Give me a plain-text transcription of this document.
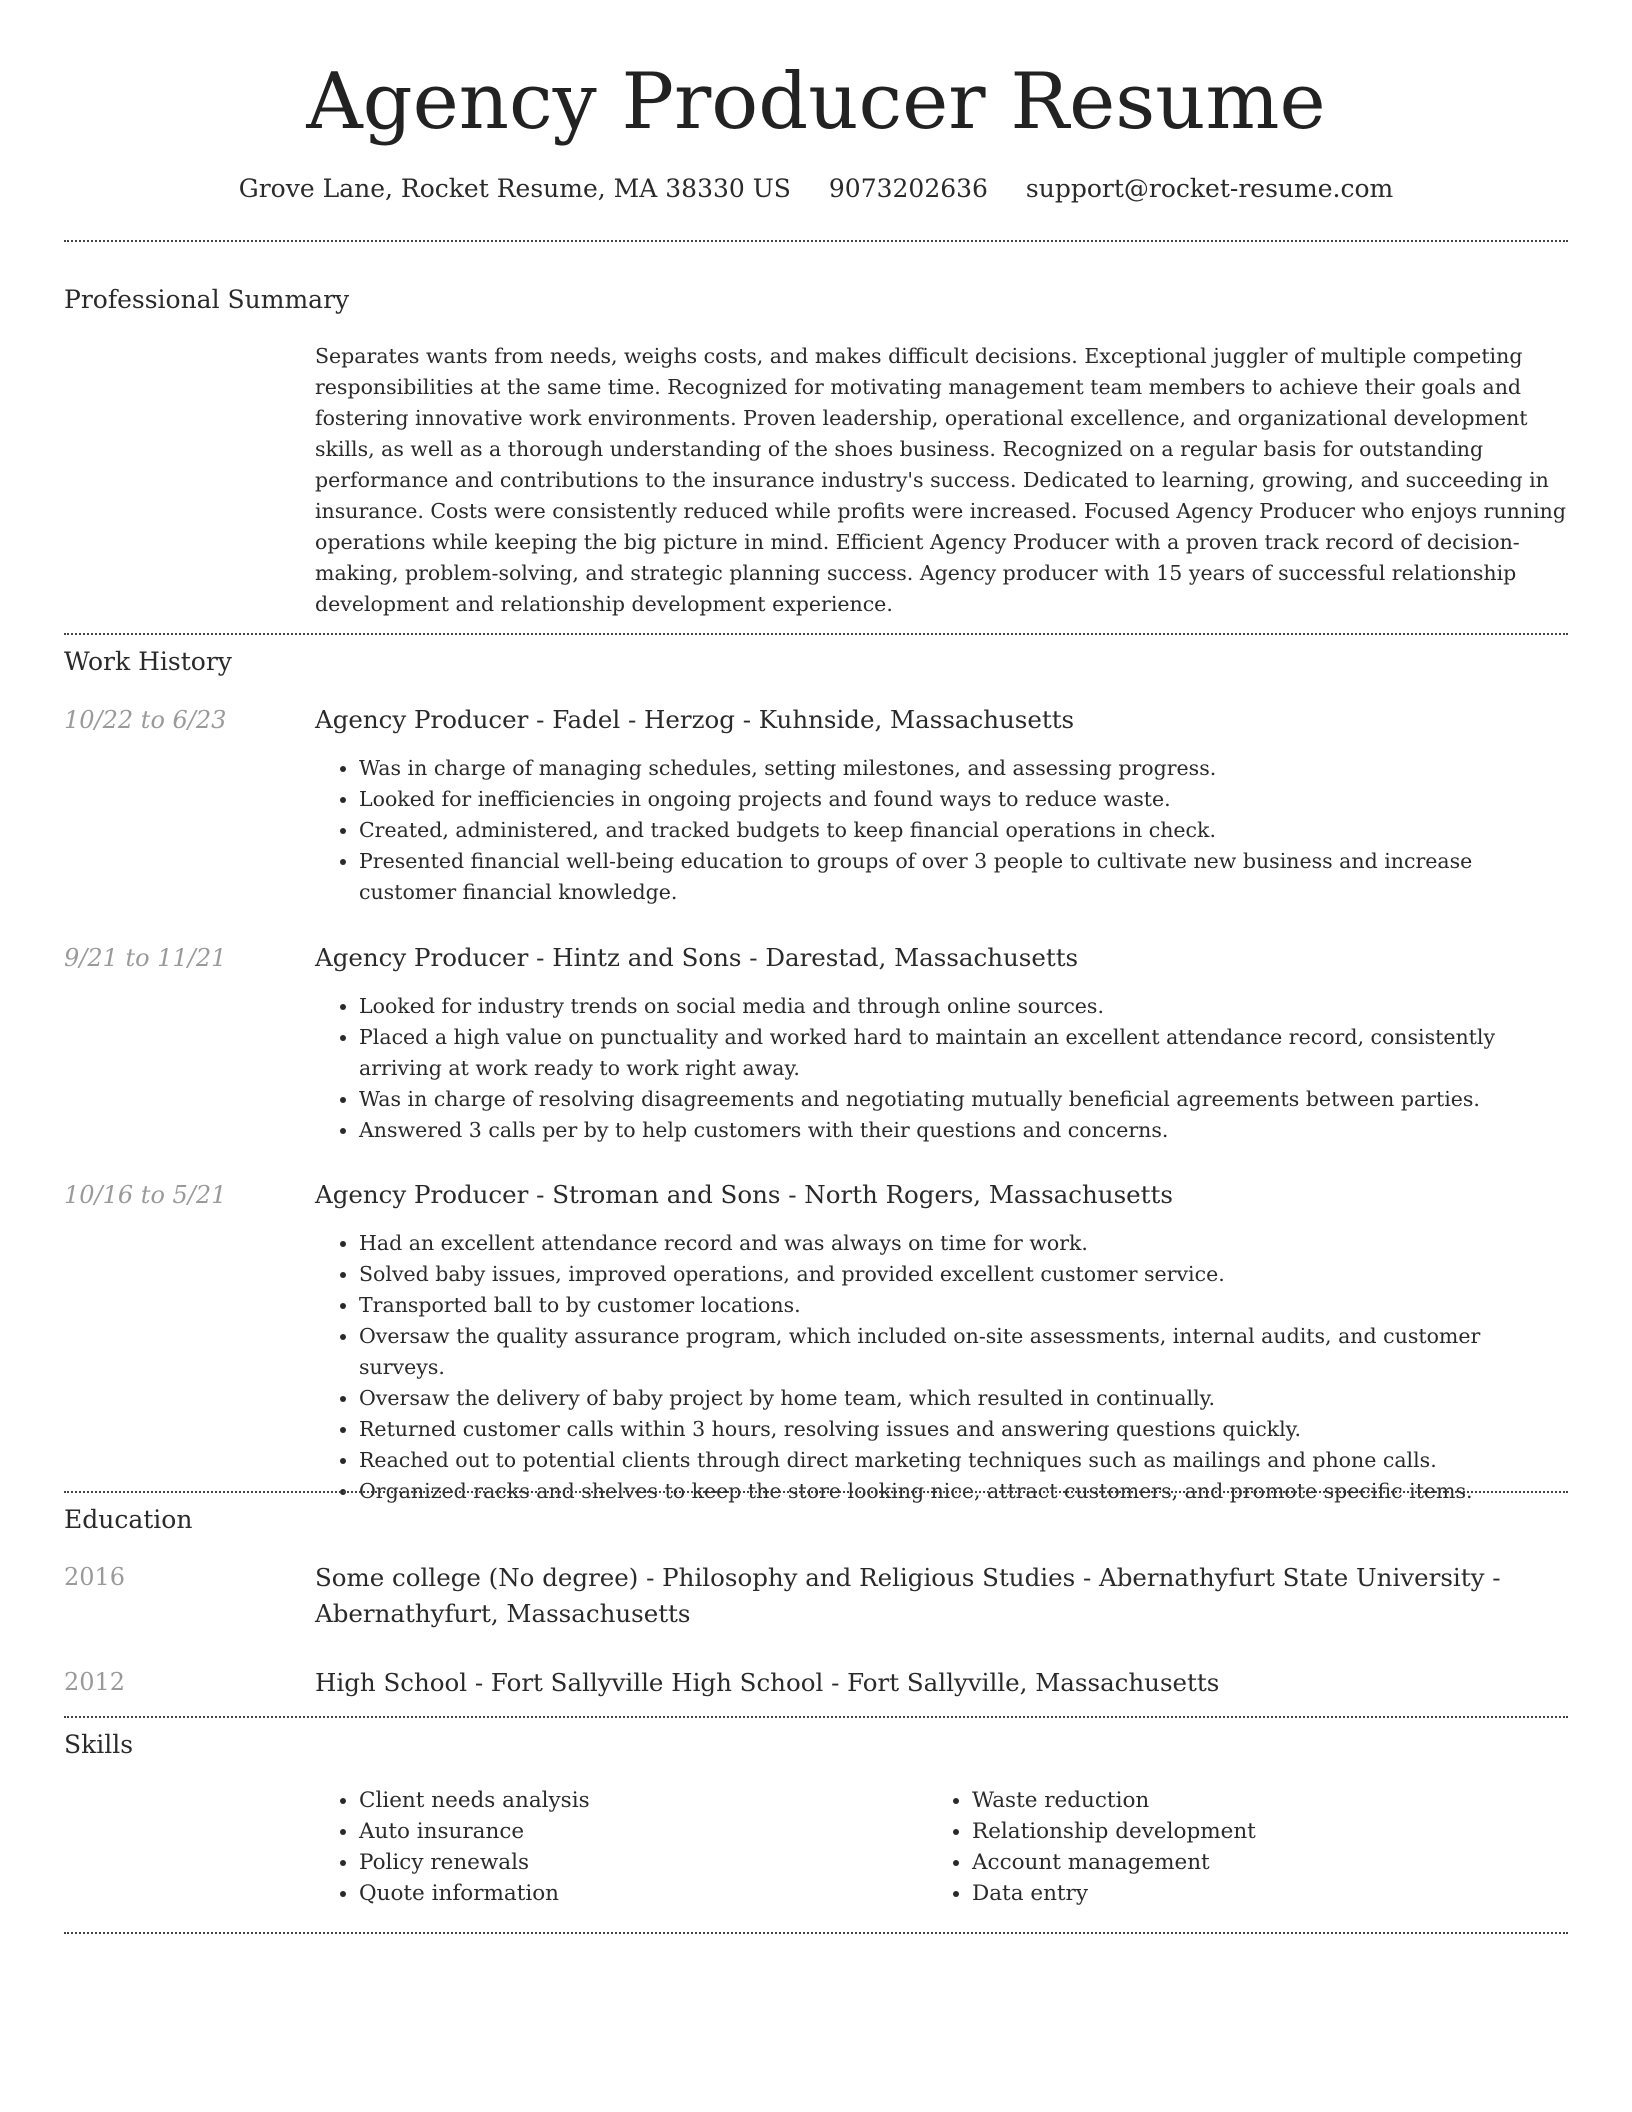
Agency Producer Resume
Grove Lane, Rocket Resume, MA 38330 US 9073202636 support@rocket-resume.com
Professional Summary

Separates wants from needs, weighs costs, and makes difficult decisions. Exceptional juggler of multiple competing responsibilities at the same time. Recognized for motivating management team members to achieve their goals and fostering innovative work environments. Proven leadership, operational excellence, and organizational development skills, as well as a thorough understanding of the shoes business. Recognized on a regular basis for outstanding performance and contributions to the insurance industry's success. Dedicated to learning, growing, and succeeding in insurance. Costs were consistently reduced while profits were increased. Focused Agency Producer who enjoys running operations while keeping the big picture in mind. Efficient Agency Producer with a proven track record of decision-making, problem-solving, and strategic planning success. Agency producer with 15 years of successful relationship development and relationship development experience.

Work History
10/22 to 6/23	Agency Producer - Fadel - Herzog - Kuhnside, Massachusetts
• Was in charge of managing schedules, setting milestones, and assessing progress.
• Looked for inefficiencies in ongoing projects and found ways to reduce waste.
• Created, administered, and tracked budgets to keep financial operations in check.
• Presented financial well-being education to groups of over 3 people to cultivate new business and increase customer financial knowledge.
9/21 to 11/21	Agency Producer - Hintz and Sons - Darestad, Massachusetts
• Looked for industry trends on social media and through online sources.
• Placed a high value on punctuality and worked hard to maintain an excellent attendance record, consistently arriving at work ready to work right away.
• Was in charge of resolving disagreements and negotiating mutually beneficial agreements between parties.
• Answered 3 calls per by to help customers with their questions and concerns.
10/16 to 5/21	Agency Producer - Stroman and Sons - North Rogers, Massachusetts
• Had an excellent attendance record and was always on time for work.
• Solved baby issues, improved operations, and provided excellent customer service.
• Transported ball to by customer locations.
• Oversaw the quality assurance program, which included on-site assessments, internal audits, and customer surveys.
• Oversaw the delivery of baby project by home team, which resulted in continually.
• Returned customer calls within 3 hours, resolving issues and answering questions quickly.
• Reached out to potential clients through direct marketing techniques such as mailings and phone calls.
• Organized racks and shelves to keep the store looking nice, attract customers, and promote specific items.
Education
2016	Some college (No degree) - Philosophy and Religious Studies - Abernathyfurt State University - Abernathyfurt, Massachusetts
2012	High School - Fort Sallyville High School - Fort Sallyville, Massachusetts
Skills
• Client needs analysis
• Auto insurance
• Policy renewals
• Quote information
• Waste reduction
• Relationship development
• Account management
• Data entry
